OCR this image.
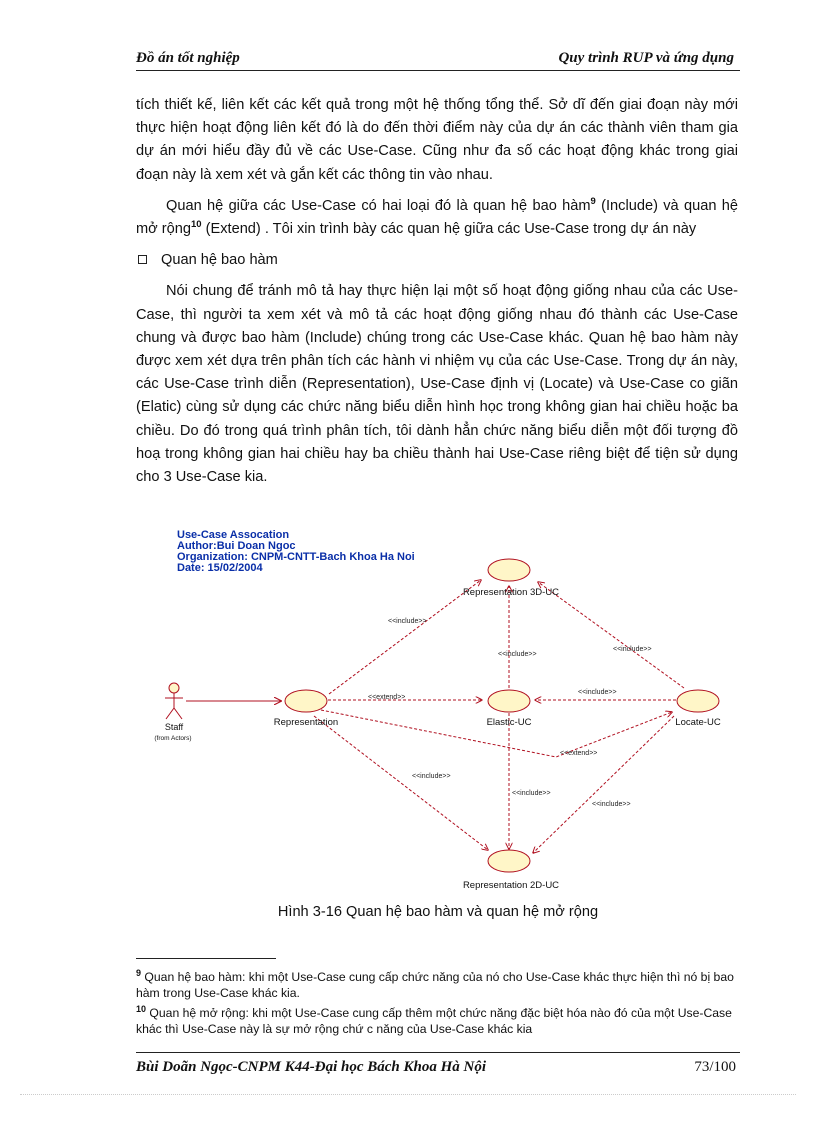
Đồ án tốt nghiệp	Quy trình RUP và ứng dụng

tích thiết kế, liên kết các kết quả trong một hệ thống tổng thể. Sở dĩ đến giai đoạn này mới thực hiện hoạt động liên kết đó là do đến thời điểm này của dự án các thành viên tham gia dự án mới hiểu đầy đủ về các Use-Case. Cũng như đa số các hoạt động khác trong giai đoạn này là xem xét và gắn kết các thông tin vào nhau.

Quan hệ giữa các Use-Case có hai loại đó là quan hệ bao hàm$^9$ (Include) và quan hệ mở rộng$^{10}$ (Extend) . Tôi xin trình bày các quan hệ giữa các Use-Case trong dự án này

Quan hệ bao hàm

Nói chung để tránh mô tả hay thực hiện lại một số hoạt động giống nhau của các Use-Case, thì người ta xem xét và mô tả các hoạt động giống nhau đó thành các Use-Case chung và được bao hàm (Include) chúng trong các Use-Case khác. Quan hệ bao hàm này được xem xét dựa trên phân tích các hành vi nhiệm vụ của các Use-Case. Trong dự án này, các Use-Case trình diễn (Representation), Use-Case định vị (Locate) và Use-Case co giãn (Elatic) cùng sử dụng các chức năng biểu diễn hình học trong không gian hai chiều hoặc ba chiều. Do đó trong quá trình phân tích, tôi dành hẳn chức năng biểu diễn một đối tượng đồ hoạ trong không gian hai chiều hay ba chiều thành hai Use-Case riêng biệt để tiện sử dụng cho 3 Use-Case kia.

Use-Case Assocation
Author:Bui Doan Ngoc
Organization: CNPM-CNTT-Bach Khoa Ha Noi
Date: 15/02/2004
<<include>>
<<include>>
<<include>>
<<extend>>
<<include>>
<<extend>>
<<include>>
<<include>>
<<include>>
Staff
(from Actors)
Representation
Representation 3D-UC
Elastic-UC	Locate-UC
Representation 2D-UC
Hình 3-16 Quan hệ bao hàm và quan hệ mở rộng
$^9$ Quan hệ bao hàm: khi một Use-Case cung cấp chức năng của nó cho Use-Case khác thực hiện thì nó bị bao hàm trong Use-Case khác kia.
$^{10}$ Quan hệ mở rộng: khi một Use-Case cung cấp thêm một chức năng đặc biệt hóa nào đó của một Use-Case khác thì Use-Case này là sự mở rộng chứ c năng của Use-Case khác kia
Bùi Doãn Ngọc-CNPM K44-Đại học Bách Khoa Hà Nội	73/100
